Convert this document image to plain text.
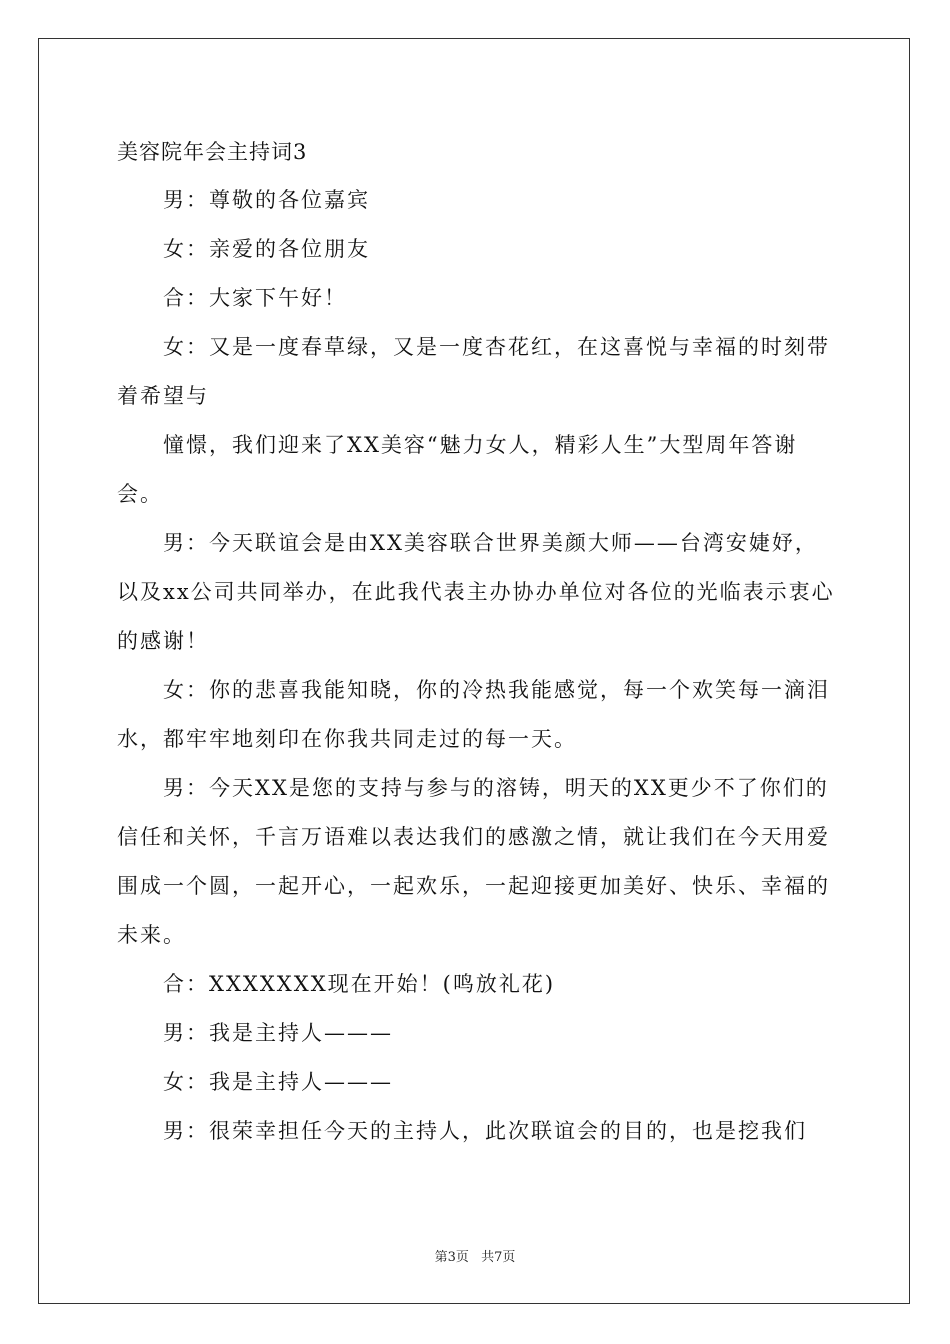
美容院年会主持词3

男：尊敬的各位嘉宾

女：亲爱的各位朋友

合：大家下午好！

女：又是一度春草绿，又是一度杏花红，在这喜悦与幸福的时刻带着希望与

憧憬，我们迎来了XX美容“魅力女人，精彩人生”大型周年答谢会。

男：今天联谊会是由XX美容联合世界美颜大师——台湾安婕妤，以及xx公司共同举办，在此我代表主办协办单位对各位的光临表示衷心的感谢！

女：你的悲喜我能知晓，你的冷热我能感觉，每一个欢笑每一滴泪水，都牢牢地刻印在你我共同走过的每一天。

男：今天XX是您的支持与参与的溶铸，明天的XX更少不了你们的信任和关怀，千言万语难以表达我们的感激之情，就让我们在今天用爱围成一个圆，一起开心，一起欢乐，一起迎接更加美好、快乐、幸福的未来。

合：XXXXXXX现在开始！(鸣放礼花)

男：我是主持人———

女：我是主持人———

男：很荣幸担任今天的主持人，此次联谊会的目的，也是挖我们

第3页 共7页
